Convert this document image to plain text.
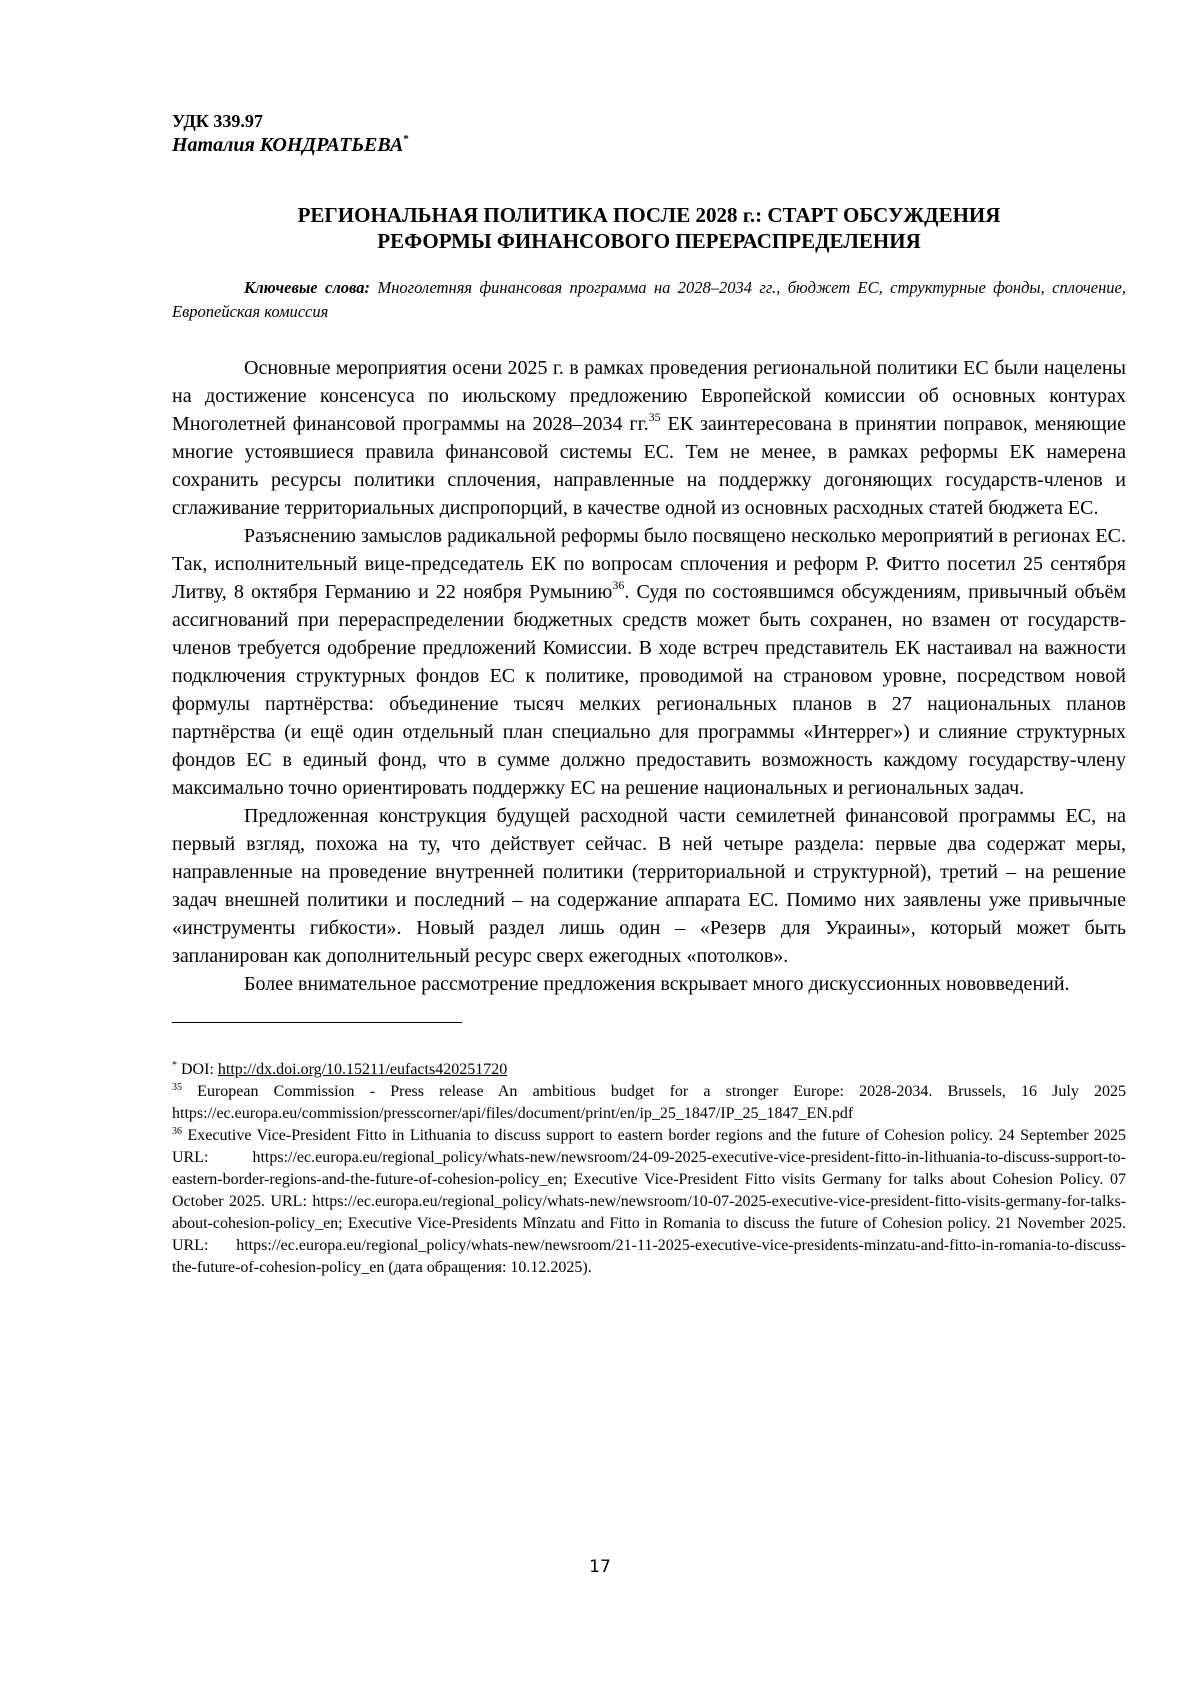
УДК 339.97
Наталия КОНДРАТЬЕВА*
РЕГИОНАЛЬНАЯ ПОЛИТИКА ПОСЛЕ 2028 г.: СТАРТ ОБСУЖДЕНИЯ
РЕФОРМЫ ФИНАНСОВОГО ПЕРЕРАСПРЕДЕЛЕНИЯ
Ключевые слова: Многолетняя финансовая программа на 2028–2034 гг., бюджет ЕС, структурные фонды, сплочение, Европейская комиссия

Основные мероприятия осени 2025 г. в рамках проведения региональной политики ЕС были нацелены на достижение консенсуса по июльскому предложению Европейской комиссии об основных контурах Многолетней финансовой программы на 2028–2034 гг.$^{35}$ ЕК заинтересована в принятии поправок, меняющие многие устоявшиеся правила финансовой системы ЕС. Тем не менее, в рамках реформы ЕК намерена сохранить ресурсы политики сплочения, направленные на поддержку догоняющих государств-членов и сглаживание территориальных диспропорций, в качестве одной из основных расходных статей бюджета ЕС.

Разъяснению замыслов радикальной реформы было посвящено несколько мероприятий в регионах ЕС. Так, исполнительный вице-председатель ЕК по вопросам сплочения и реформ Р. Фитто посетил 25 сентября Литву, 8 октября Германию и 22 ноября Румынию$^{36}$. Судя по состоявшимся обсуждениям, привычный объём ассигнований при перераспределении бюджетных средств может быть сохранен, но взамен от государств-членов требуется одобрение предложений Комиссии. В ходе встреч представитель ЕК настаивал на важности подключения структурных фондов ЕС к политике, проводимой на страновом уровне, посредством новой формулы партнёрства: объединение тысяч мелких региональных планов в 27 национальных планов партнёрства (и ещё один отдельный план специально для программы «Интеррег») и слияние структурных фондов ЕС в единый фонд, что в сумме должно предоставить возможность каждому государству-члену максимально точно ориентировать поддержку ЕС на решение национальных и региональных задач.

Предложенная конструкция будущей расходной части семилетней финансовой программы ЕС, на первый взгляд, похожа на ту, что действует сейчас. В ней четыре раздела: первые два содержат меры, направленные на проведение внутренней политики (территориальной и структурной), третий – на решение задач внешней политики и последний – на содержание аппарата ЕС. Помимо них заявлены уже привычные «инструменты гибкости». Новый раздел лишь один – «Резерв для Украины», который может быть запланирован как дополнительный ресурс сверх ежегодных «потолков».

Более внимательное рассмотрение предложения вскрывает много дискуссионных нововведений.

* DOI: http://dx.doi.org/10.15211/eufacts420251720

$^{35}$ European Commission - Press release An ambitious budget for a stronger Europe: 2028-2034. Brussels, 16 July 2025 https://ec.europa.eu/commission/presscorner/api/files/document/print/en/ip_25_1847/IP_25_1847_EN.pdf

$^{36}$ Executive Vice-President Fitto in Lithuania to discuss support to eastern border regions and the future of Cohesion policy. 24 September 2025 URL: https://ec.europa.eu/regional_policy/whats-new/newsroom/24-09-2025-executive-vice-president-fitto-in-lithuania-to-discuss-support-to-eastern-border-regions-and-the-future-of-cohesion-policy_en; Executive Vice-President Fitto visits Germany for talks about Cohesion Policy. 07 October 2025. URL: https://ec.europa.eu/regional_policy/whats-new/newsroom/10-07-2025-executive-vice-president-fitto-visits-germany-for-talks-about-cohesion-policy_en; Executive Vice-Presidents Mînzatu and Fitto in Romania to discuss the future of Cohesion policy. 21 November 2025. URL: https://ec.europa.eu/regional_policy/whats-new/newsroom/21-11-2025-executive-vice-presidents-minzatu-and-fitto-in-romania-to-discuss-the-future-of-cohesion-policy_en (дата обращения: 10.12.2025).

17
